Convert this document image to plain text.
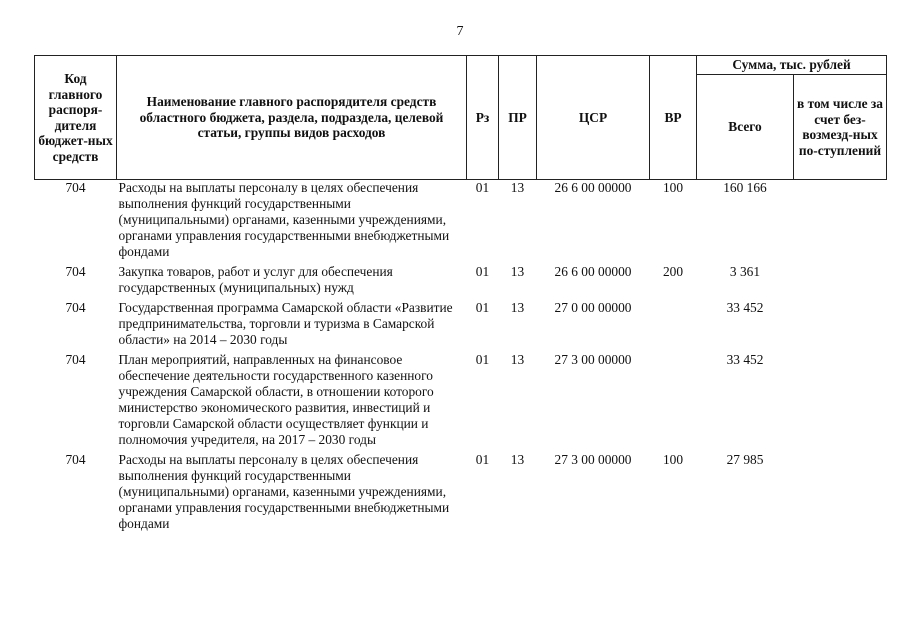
7
Код главного распоря-дителя бюджет-ных средств	Наименование главного распорядителя средств областного бюджета, раздела, подраздела, целевой статьи, группы видов расходов	Рз	ПР	ЦСР	ВР	Сумма, тыс. рублей	
						Всего	в том числе за счет без-возмезд-ных по-ступлений
704	Расходы на выплаты персоналу в целях обеспечения выполнения функций государственными (муниципальными) органами, казенными учреждениями, органами управления государственными внебюджетными фондами	01	13	26 6 00 00000	100	160 166	
704	Закупка товаров, работ и услуг для обеспечения государственных (муниципальных) нужд	01	13	26 6 00 00000	200	3 361	
704	Государственная программа Самарской области «Развитие предпринимательства, торговли и туризма в Самарской области» на 2014 – 2030 годы	01	13	27 0 00 00000		33 452	
704	План мероприятий, направленных на финансовое обеспечение деятельности государственного казенного учреждения Самарской области, в отношении которого министерство экономического развития, инвестиций и торговли Самарской области осуществляет функции и полномочия учредителя, на 2017 – 2030 годы	01	13	27 3 00 00000		33 452	
704	Расходы на выплаты персоналу в целях обеспечения выполнения функций государственными (муниципальными) органами, казенными учреждениями, органами управления государственными внебюджетными фондами	01	13	27 3 00 00000	100	27 985	
